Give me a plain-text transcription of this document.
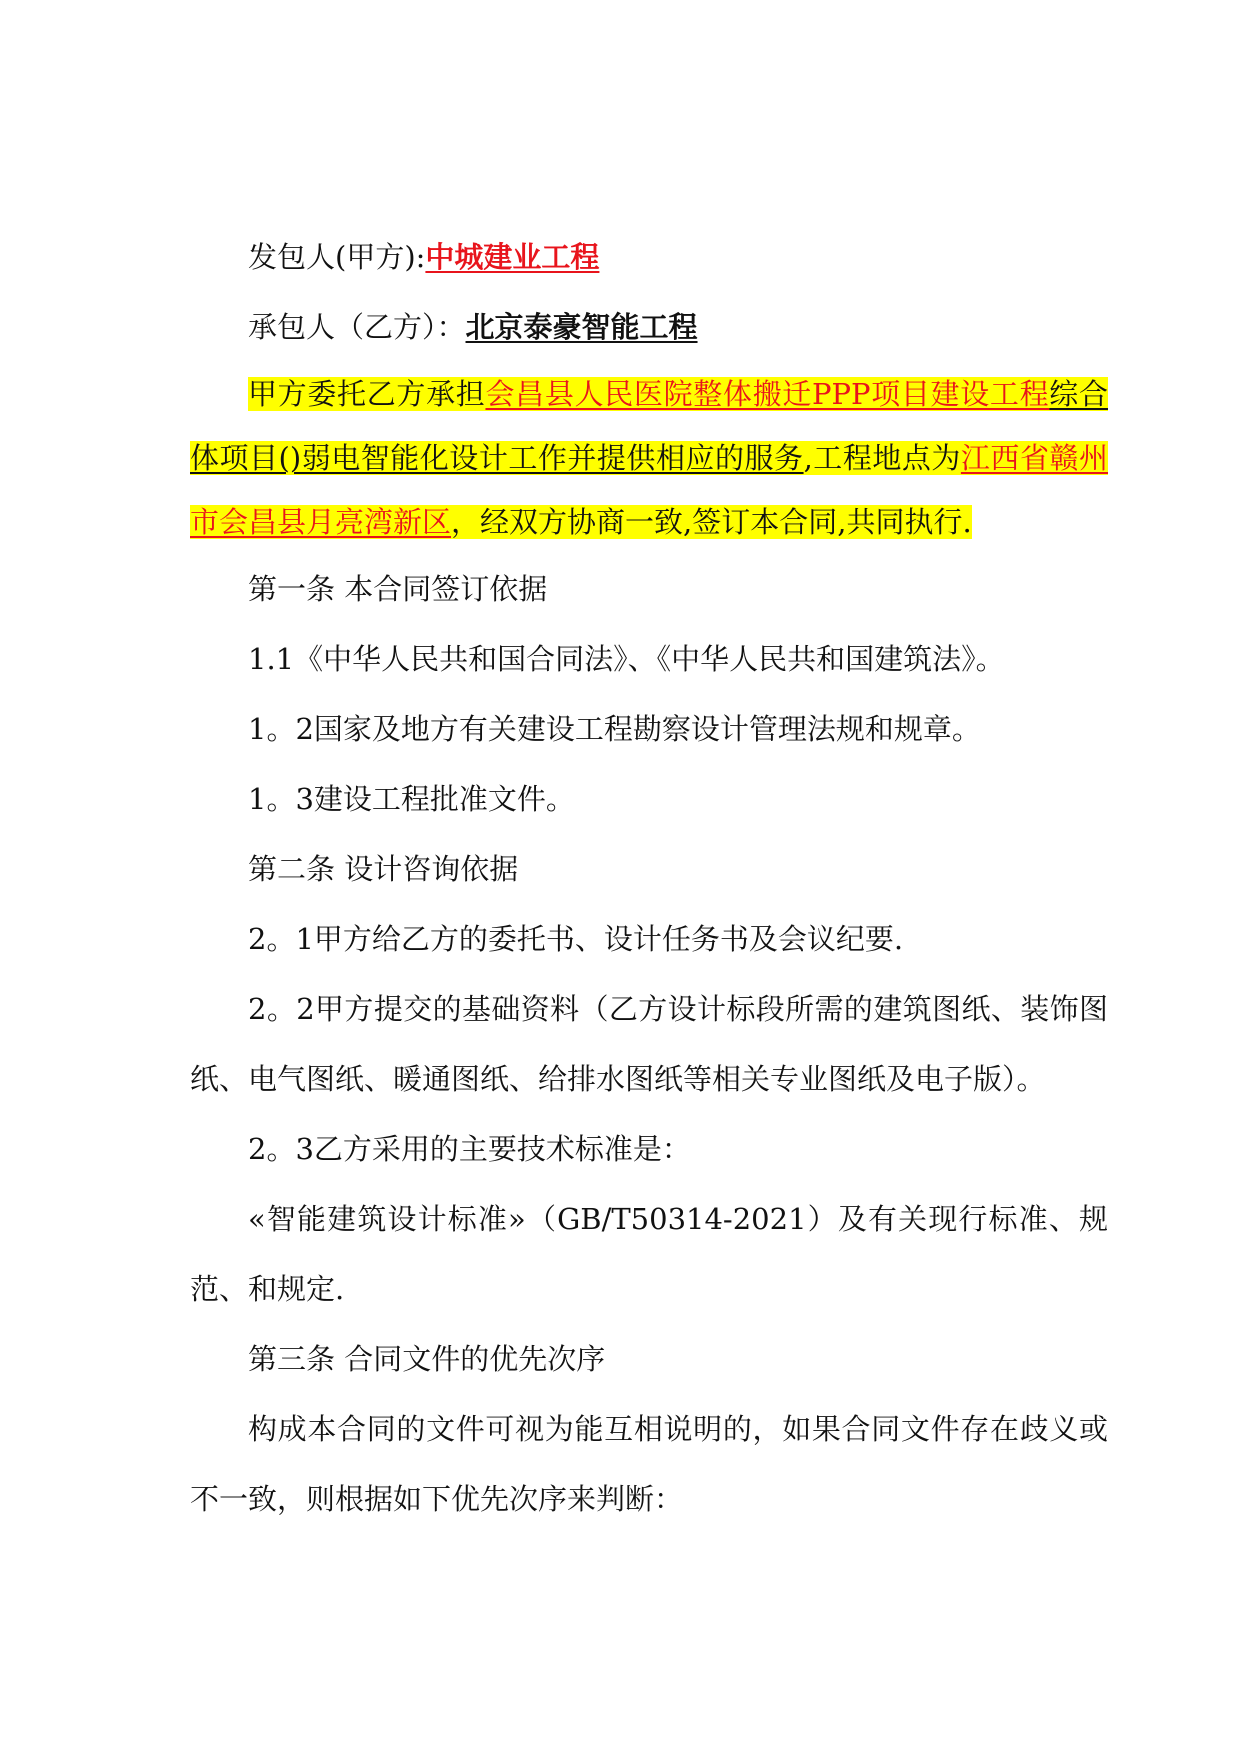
发包人(甲方):中城建业工程

承包人（乙方）：北京泰豪智能工程

甲方委托乙方承担会昌县人民医院整体搬迁PPP项目建设工程综合体项目()弱电智能化设计工作并提供相应的服务,工程地点为江西省赣州市会昌县月亮湾新区，经双方协商一致,签订本合同,共同执行.

第一条 本合同签订依据

1.1《中华人民共和国合同法》、《中华人民共和国建筑法》。

1。2国家及地方有关建设工程勘察设计管理法规和规章。

1。3建设工程批准文件。

第二条 设计咨询依据

2。1甲方给乙方的委托书、设计任务书及会议纪要.

2。2甲方提交的基础资料（乙方设计标段所需的建筑图纸、装饰图纸、电气图纸、暖通图纸、给排水图纸等相关专业图纸及电子版）。

2。3乙方采用的主要技术标准是：

«智能建筑设计标准»（GB/T50314-2021）及有关现行标准、规范、和规定.

第三条 合同文件的优先次序

构成本合同的文件可视为能互相说明的，如果合同文件存在歧义或不一致，则根据如下优先次序来判断：
